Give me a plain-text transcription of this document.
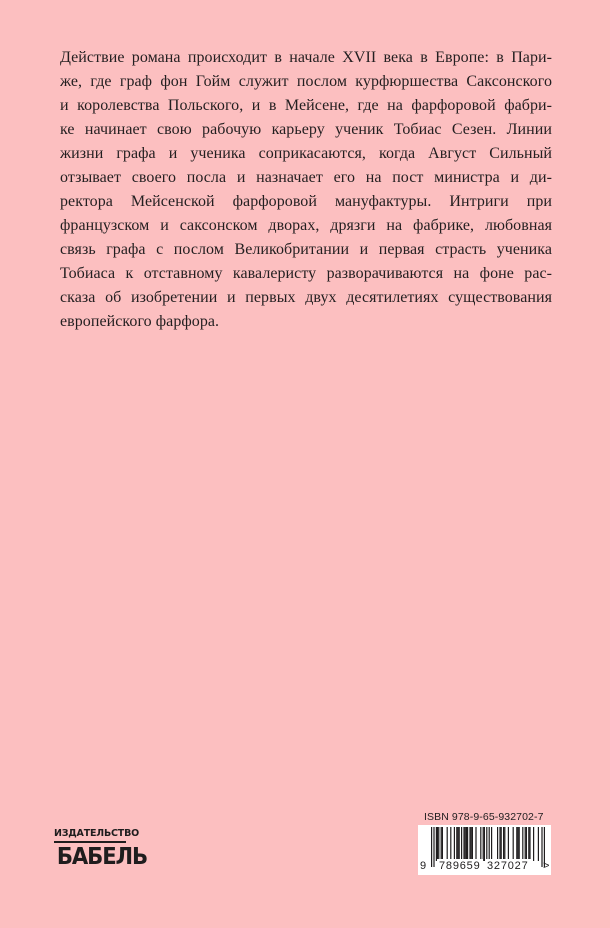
Действие романа происходит в начале XVII века в Европе: в Пари-
же, где граф фон Гойм служит послом курфюршества Саксонского
и королевства Польского, и в Мейсене, где на фарфоровой фабри-
ке начинает свою рабочую карьеру ученик Тобиас Сезен. Линии
жизни графа и ученика соприкасаются, когда Август Сильный
отзывает своего посла и назначает его на пост министра и ди-
ректора Мейсенской фарфоровой мануфактуры. Интриги при
французском и саксонском дворах, дрязги на фабрике, любовная
связь графа с послом Великобритании и первая страсть ученика
Тобиаса к отставному кавалеристу разворачиваются на фоне рас-
сказа об изобретении и первых двух десятилетиях существования
европейского фарфора.
ИЗДАТЕЛЬСТВО
БАБЕЛЬ
ISBN 978-9-65-932702-7
9 789659 327027 >
